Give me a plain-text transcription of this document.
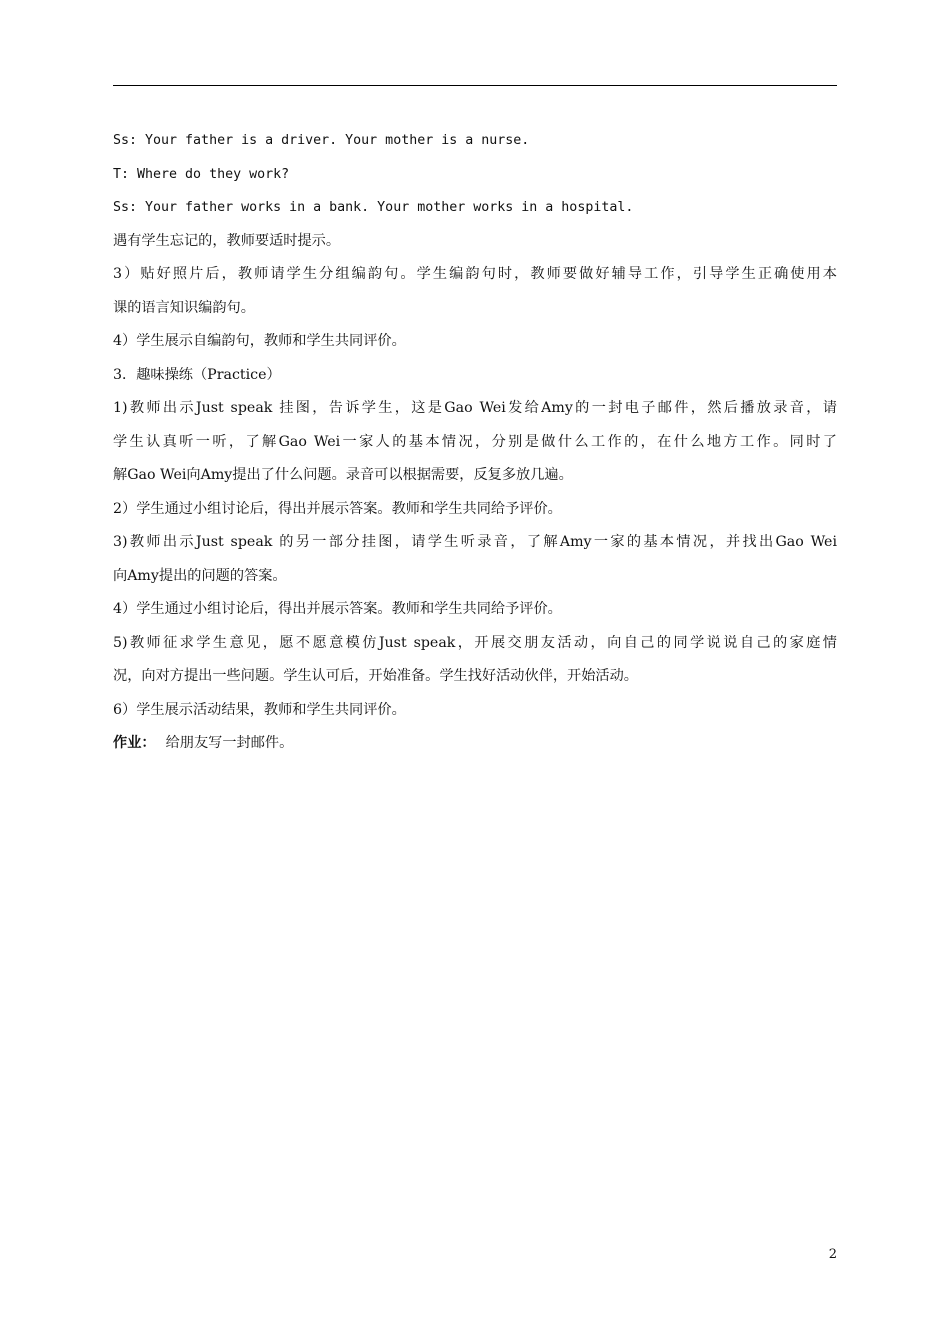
Ss: Your father is a driver. Your mother is a nurse.
T: Where do they work?
Ss: Your father works in a bank. Your mother works in a hospital.
遇有学生忘记的，教师要适时提示。
3）贴好照片后，教师请学生分组编韵句。学生编韵句时，教师要做好辅导工作，引导学生正确使用本
课的语言知识编韵句。
4）学生展示自编韵句，教师和学生共同评价。
3．趣味操练（Practice）
1)教师出示Just speak 挂图，告诉学生，这是Gao Wei发给Amy的一封电子邮件，然后播放录音，请
学生认真听一听，了解Gao Wei一家人的基本情况，分别是做什么工作的，在什么地方工作。同时了
解Gao Wei向Amy提出了什么问题。录音可以根据需要，反复多放几遍。
2）学生通过小组讨论后，得出并展示答案。教师和学生共同给予评价。
3)教师出示Just speak 的另一部分挂图，请学生听录音，了解Amy一家的基本情况，并找出Gao Wei
向Amy提出的问题的答案。
4）学生通过小组讨论后，得出并展示答案。教师和学生共同给予评价。
5)教师征求学生意见，愿不愿意模仿Just speak，开展交朋友活动，向自己的同学说说自己的家庭情
况，向对方提出一些问题。学生认可后，开始准备。学生找好活动伙伴，开始活动。
6）学生展示活动结果，教师和学生共同评价。
作业： 给朋友写一封邮件。
2
